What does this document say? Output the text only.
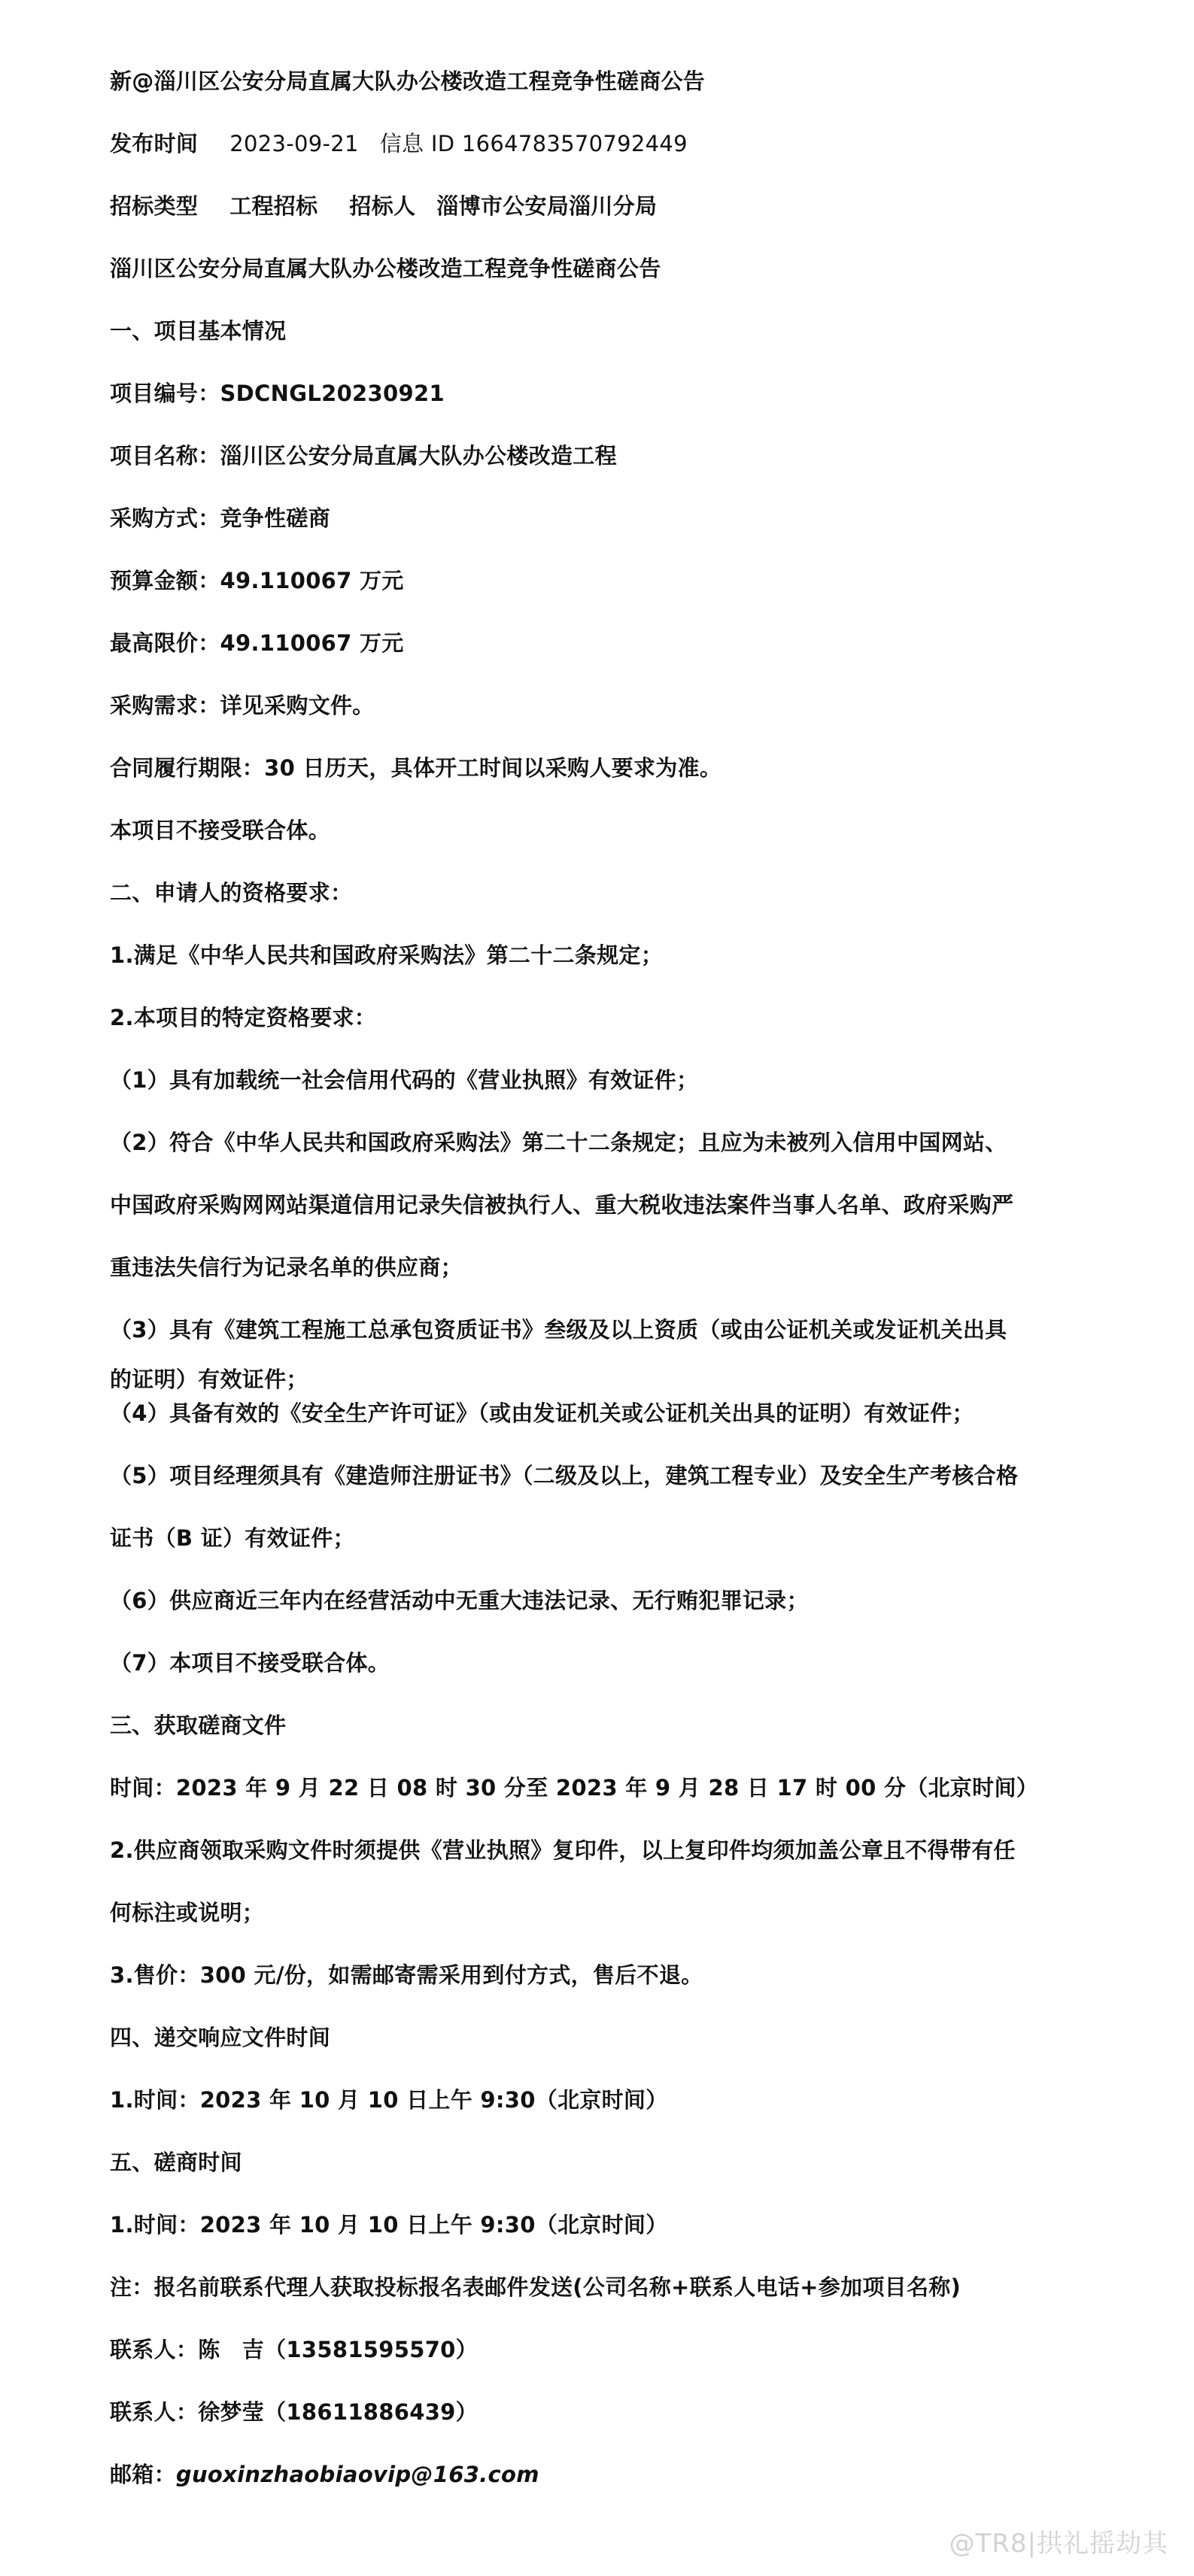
新@淄川区公安分局直属大队办公楼改造工程竞争性磋商公告
发布时间 2023-09-21 信息 ID 1664783570792449
招标类型 工程招标 招标人 淄博市公安局淄川分局
淄川区公安分局直属大队办公楼改造工程竞争性磋商公告
一、项目基本情况
项目编号：SDCNGL20230921
项目名称：淄川区公安分局直属大队办公楼改造工程
采购方式：竞争性磋商
预算金额：49.110067 万元
最高限价：49.110067 万元
采购需求：详见采购文件。
合同履行期限：30 日历天，具体开工时间以采购人要求为准。
本项目不接受联合体。
二、申请人的资格要求：
1.满足《中华人民共和国政府采购法》第二十二条规定；
2.本项目的特定资格要求：
（1）具有加载统一社会信用代码的《营业执照》有效证件；
（2）符合《中华人民共和国政府采购法》第二十二条规定；且应为未被列入信用中国网站、
中国政府采购网网站渠道信用记录失信被执行人、重大税收违法案件当事人名单、政府采购严
重违法失信行为记录名单的供应商；
（3）具有《建筑工程施工总承包资质证书》叁级及以上资质（或由公证机关或发证机关出具
的证明）有效证件；
（4）具备有效的《安全生产许可证》（或由发证机关或公证机关出具的证明）有效证件；
（5）项目经理须具有《建造师注册证书》（二级及以上，建筑工程专业）及安全生产考核合格
证书（B 证）有效证件；
（6）供应商近三年内在经营活动中无重大违法记录、无行贿犯罪记录；
（7）本项目不接受联合体。
三、获取磋商文件
时间：2023 年 9 月 22 日 08 时 30 分至 2023 年 9 月 28 日 17 时 00 分（北京时间）
2.供应商领取采购文件时须提供《营业执照》复印件，以上复印件均须加盖公章且不得带有任
何标注或说明；
3.售价：300 元/份，如需邮寄需采用到付方式，售后不退。
四、递交响应文件时间
1.时间：2023 年 10 月 10 日上午 9:30（北京时间）
五、磋商时间
1.时间：2023 年 10 月 10 日上午 9:30（北京时间）
注：报名前联系代理人获取投标报名表邮件发送(公司名称+联系人电话+参加项目名称)
联系人：陈　吉（13581595570）
联系人：徐梦莹（18611886439）
邮箱：guoxinzhaobiaovip@163.com
@TR8|拱礼摇劫其
